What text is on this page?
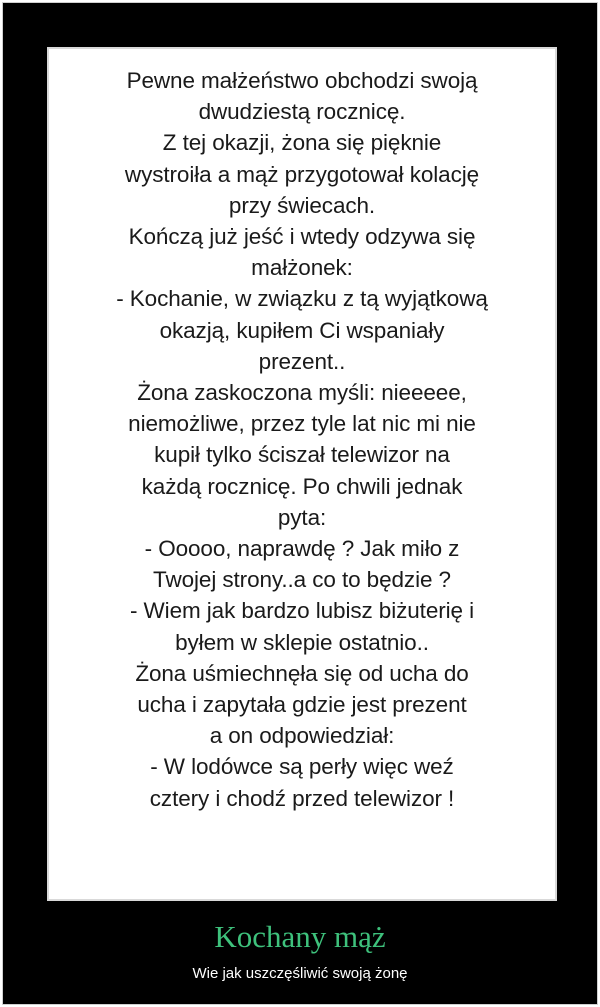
Pewne małżeństwo obchodzi swoją
dwudziestą rocznicę.
Z tej okazji, żona się pięknie
wystroiła a mąż przygotował kolację
przy świecach.
Kończą już jeść i wtedy odzywa się
małżonek:
- Kochanie, w związku z tą wyjątkową
okazją, kupiłem Ci wspaniały
prezent..
Żona zaskoczona myśli: nieeeee,
niemożliwe, przez tyle lat nic mi nie
kupił tylko ściszał telewizor na
każdą rocznicę. Po chwili jednak
pyta:
- Ooooo, naprawdę ? Jak miło z
Twojej strony..a co to będzie ?
- Wiem jak bardzo lubisz biżuterię i
byłem w sklepie ostatnio..
Żona uśmiechnęła się od ucha do
ucha i zapytała gdzie jest prezent
a on odpowiedział:
- W lodówce są perły więc weź
cztery i chodź przed telewizor !
Kochany mąż
Wie jak uszczęśliwić swoją żonę
